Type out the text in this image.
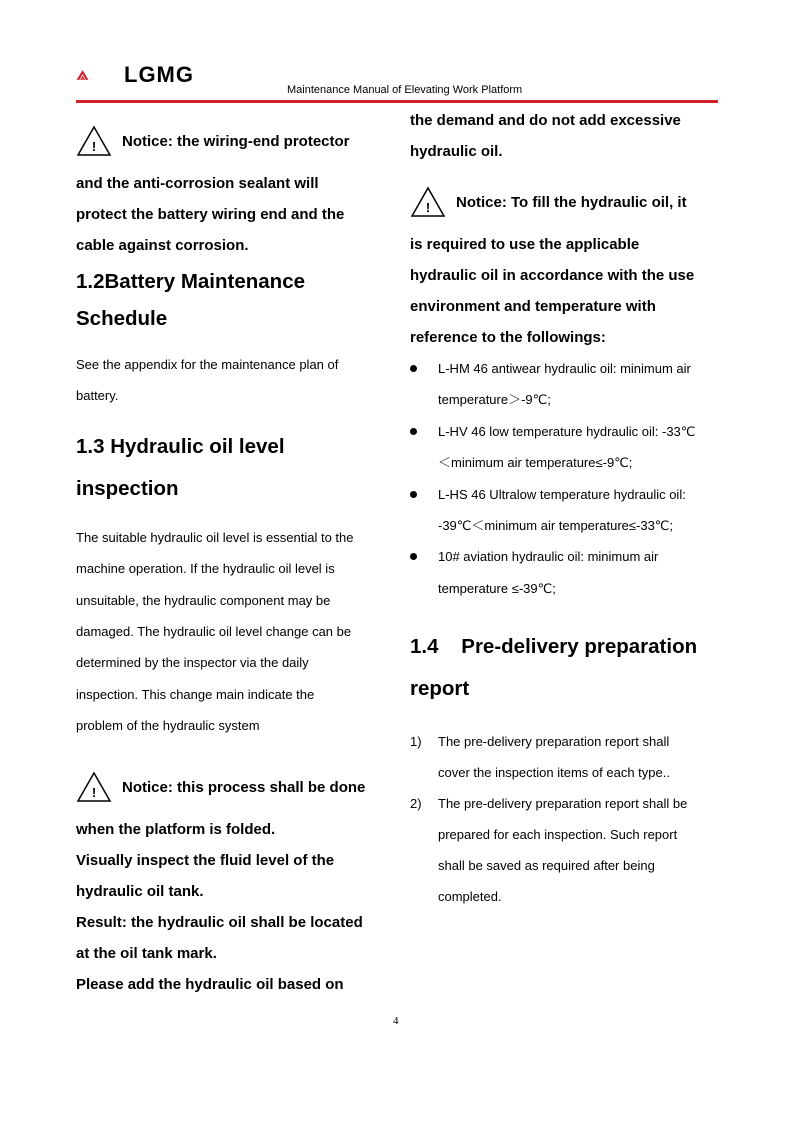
LGMG
Maintenance Manual of Elevating Work Platform
! Notice: the wiring-end protector
and the anti-corrosion sealant will
protect the battery wiring end and the
cable against corrosion.
1.2Battery Maintenance
Schedule
See the appendix for the maintenance plan of
battery.
1.3 Hydraulic oil level
inspection
The suitable hydraulic oil level is essential to the
machine operation. If the hydraulic oil level is
unsuitable, the hydraulic component may be
damaged. The hydraulic oil level change can be
determined by the inspector via the daily
inspection. This change main indicate the
problem of the hydraulic system
! Notice: this process shall be done
when the platform is folded.
Visually inspect the fluid level of the
hydraulic oil tank.
Result: the hydraulic oil shall be located
at the oil tank mark.
Please add the hydraulic oil based on
the demand and do not add excessive
hydraulic oil.
! Notice: To fill the hydraulic oil, it
is required to use the applicable
hydraulic oil in accordance with the use
environment and temperature with
reference to the followings:
L-HM 46 antiwear hydraulic oil: minimum air
temperature＞-9℃;
L-HV 46 low temperature hydraulic oil: -33℃
＜minimum air temperature≤-9℃;
L-HS 46 Ultralow temperature hydraulic oil:
-39℃＜minimum air temperature≤-33℃;
10# aviation hydraulic oil: minimum air
temperature ≤-39℃;
1.4    Pre-delivery preparation
report
1) The pre-delivery preparation report shall
cover the inspection items of each type..
2) The pre-delivery preparation report shall be
prepared for each inspection. Such report
shall be saved as required after being
completed.
4
